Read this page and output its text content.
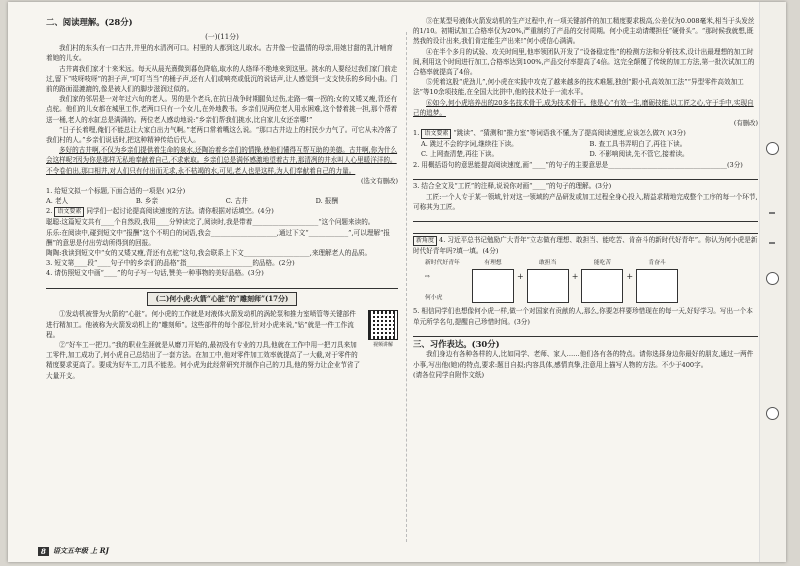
二、阅读理解。(28分)
(一)(11分)

我们村的东头有一口古井,井里的水清冽可口。村里的人都到这儿取水。古井像一位温情的母亲,用她甘甜的乳汁哺育着她的儿女。

古井离我们家才十来米远。每天从晨光熹微到暮色降临,取水的人络绎不绝地来到这里。挑水的人要经过我们家门前走过,留下“吱呀吱呀”的担子声,“叮叮当当”的桶子声,还有人们或响亮或低沉的说话声,让人感觉到一支支快乐的乡间小曲。门前的路面湿漉漉的,像是被人们的脚步滋润过似的。

我们家的邻居是一对年过六旬的老人。男的是个老兵,在抗日战争时期腿负过伤,走路一瘸一拐的;女的又矮又瘦,背还有点驼。他们的儿女都在城里工作,老两口只有一个女儿,在外地教书。乡亲们见两位老人用水困难,这个替着挑一担,那个帮着送一桶,老人的水缸总是满满的。两位老人感动地说:“乡亲们帮我们挑水,比自家儿女还亲哪!”

“日子长着哩,俺们不能总让大家白出力气啊。”老两口常着嘴这么说。“那口古井边上的村民少力气了。可它从未冷落了我们村的人。”乡亲们说话时,把这种精神传给后代人。

多好的古井啊,不仅为乡亲们提供着生命的泉水,还陶冶着乡亲们的情操,使他们懂得互帮互助的美德。古井啊,你为什么会这样呢?因为你是那样无私地奉献着自己,不求索取。乡亲们总是满怀感激地望着古井,那清冽的井水叫人心里暖洋洋的。不令卷伯出,那口相井,对人们只有付出而无求,永不枯竭的水,可见,老人也是这样,为人们奉献着自己的力量。

(选文有删改)
1. 给短文拟一个标题,下面合适的一项是( )(2分)
A. 老人	B. 乡亲	C. 古井	D. 报酬
2. 语文要素 同学们一起讨论提高阅读速度的方法。请你根据对话填空。(4分)

聪聪:这篇短文共有____个自然段,我用____分钟读完了,阅读时,我是带着____________________“这个问题来读的。

乐乐:在阅读中,碰到短文中“报酬”这个不明白的词语,我会____________________,通过下文“____________”,可以理解“报酬”的意思是付出劳动所得到的回报。

陶陶:我读到短文中“女的又矮又瘦,背还有点驼”这句,我会联系上下文____________________,来理解老人的品质。

3. 短文第____段“____句子中的乡亲们的品格”指____________________的品格。(2分)
4. 请仿照短文中画“____”的句子写一句话,赞美一种事物的美好品格。(3分)
(二)何小虎:火箭“心脏”的“雕刻师”(17分)
视频讲解

①发动机被誉为火箭的“心脏”。何小虎的工作就是对液体火箭发动机的涡轮泵和推力室喷管等关键部件进行精加工。他被称为火箭发动机上的“雕刻师”。这些部件的每个部位,针对小虎来说,“钻”就是一件工作流程。

②“好车工一把刀。”我的职业生涯就是从磨刀开始的,最初没有专业的刀具,他就在工作中用一把刀具来加工零件,加工成功了,何小虎自己总结出了一套方法。在加工中,他对零件加工效率就提高了一大截,对于零件的精度要求更高了。要成为好车工,刀具不能差。何小虎为此经常研究并制作自己的刀具,他的努力让企业节省了大量开支。

③在某型号液体火箭发动机的生产过程中,有一项关键部件的加工精度要求极高,公差仅为0.008毫米,相当于头发丝的1/10。初期试加工合格率仅为20%,严重制约了产品的交付周期。何小虎主动请缨担任“硬骨头”。“那时候我就想,既然我的设计出来,我们肯定能生产出来!”何小虎信心满满。

④在半个多月的试验、攻关时间里,他率领团队开发了“设备稳定性”的检测方法和分析技术,设计出最理想的加工时间,利用这个时间进行加工,合格率达到100%,产品交付率提高了4倍。这完全颠覆了传统的加工方法,第一批次试加工的合格率就提高了4倍。

⑤凭着这股“虎劲儿”,何小虎在实践中攻克了越来越多的技术难题,独创“跟小孔高效加工法”“异型零件高效加工法”等10余项技能,在全国大比拼中,他的技术处于一流水平。

⑥如今,何小虎培养出的20多名技术骨干,成为技术骨干。他是心“有效一生,磨砺技能,以工匠之心,守于手中,实现自己的追梦。

(有删改)
1. 语文要素 “跳读”、“猜测和“推力室”等词语我不懂,为了提高阅读速度,应该怎么做?( )(3分)
A. 跳过不会的字词,继续往下读。	B. 查工具书弄明白了,再往下读。
C. 上网查清楚,再往下读。	D. 不影响阅读,先不管它,接着读。
2. 用概括语句的意思能提高阅读速度,画“____”的句子的主要意思是____________________________________(3分)
3. 结合全文及“工匠”的注释,说说你对画“____”的句子的理解。(3分)

工匠:一个人专于某一领域,针对这一领域的产品研发或加工过程全身心投入,精益求精地完成整个工序的每一个环节,可称其为工匠。

新角度 4. 习近平总书记勉励广大青年“立志做有理想、敢担当、能吃苦、肯奋斗的新时代好青年”。你认为何小虎是新时代好青年吗?填一填。(4分)
新时代好青年
⇨
何小虎
有理想
+
敢担当
+
能吃苦
+
肯奋斗
5. 相信同学们也想像何小虎一样,做一个对国家有贡献的人,那么,你要怎样要珍惜现在的每一天,好好学习。写出一个本单元所学名句,提醒自己珍惜时间。(3分)
三、习作表达。(30分)

我们身边有各种各样的人,比如同学、老师、家人……他们各有各的特点。请你选择身边你最好的朋友,通过一两件小事,写出他(她)的特点,要求:题目自拟;内容具体,感情真挚,注意用上描写人物的方法。不少于400字。

(请各位同学自附作文纸)
8	语文五年级 上 RJ
